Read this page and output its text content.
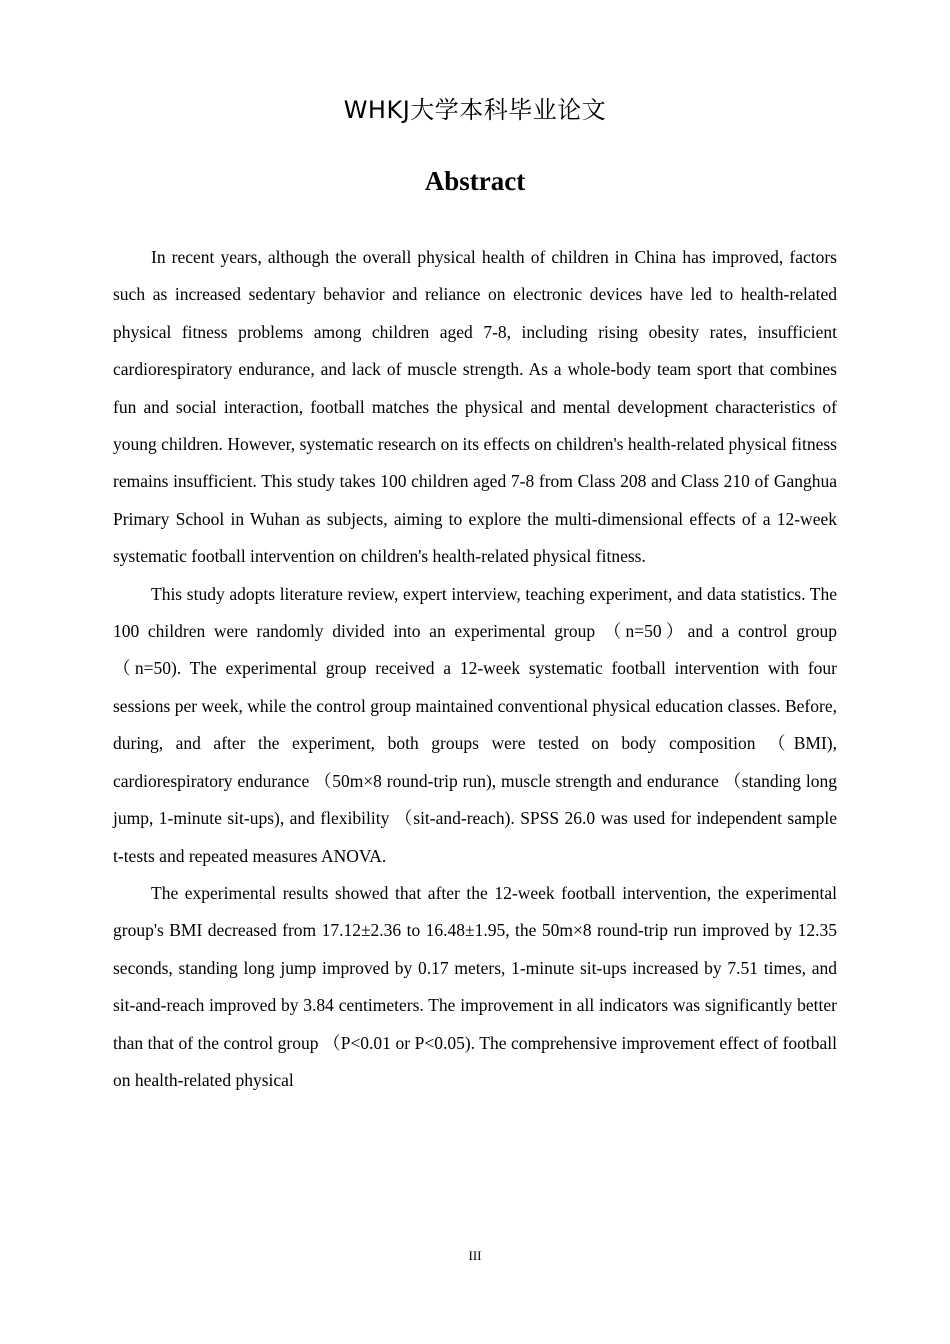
WHKJ大学本科毕业论文
Abstract

In recent years, although the overall physical health of children in China has improved, factors such as increased sedentary behavior and reliance on electronic devices have led to health-related physical fitness problems among children aged 7-8, including rising obesity rates, insufficient cardiorespiratory endurance, and lack of muscle strength. As a whole-body team sport that combines fun and social interaction, football matches the physical and mental development characteristics of young children. However, systematic research on its effects on children's health-related physical fitness remains insufficient. This study takes 100 children aged 7-8 from Class 208 and Class 210 of Ganghua Primary School in Wuhan as subjects, aiming to explore the multi-dimensional effects of a 12-week systematic football intervention on children's health-related physical fitness.

This study adopts literature review, expert interview, teaching experiment, and data statistics. The 100 children were randomly divided into an experimental group （n=50）and a control group （n=50). The experimental group received a 12-week systematic football intervention with four sessions per week, while the control group maintained conventional physical education classes. Before, during, and after the experiment, both groups were tested on body composition （BMI), cardiorespiratory endurance （50m×8 round-trip run), muscle strength and endurance （standing long jump, 1-minute sit-ups), and flexibility （sit-and-reach). SPSS 26.0 was used for independent sample t-tests and repeated measures ANOVA.

The experimental results showed that after the 12-week football intervention, the experimental group's BMI decreased from 17.12±2.36 to 16.48±1.95, the 50m×8 round-trip run improved by 12.35 seconds, standing long jump improved by 0.17 meters, 1-minute sit-ups increased by 7.51 times, and sit-and-reach improved by 3.84 centimeters. The improvement in all indicators was significantly better than that of the control group （P<0.01 or P<0.05). The comprehensive improvement effect of football on health-related physical

III
